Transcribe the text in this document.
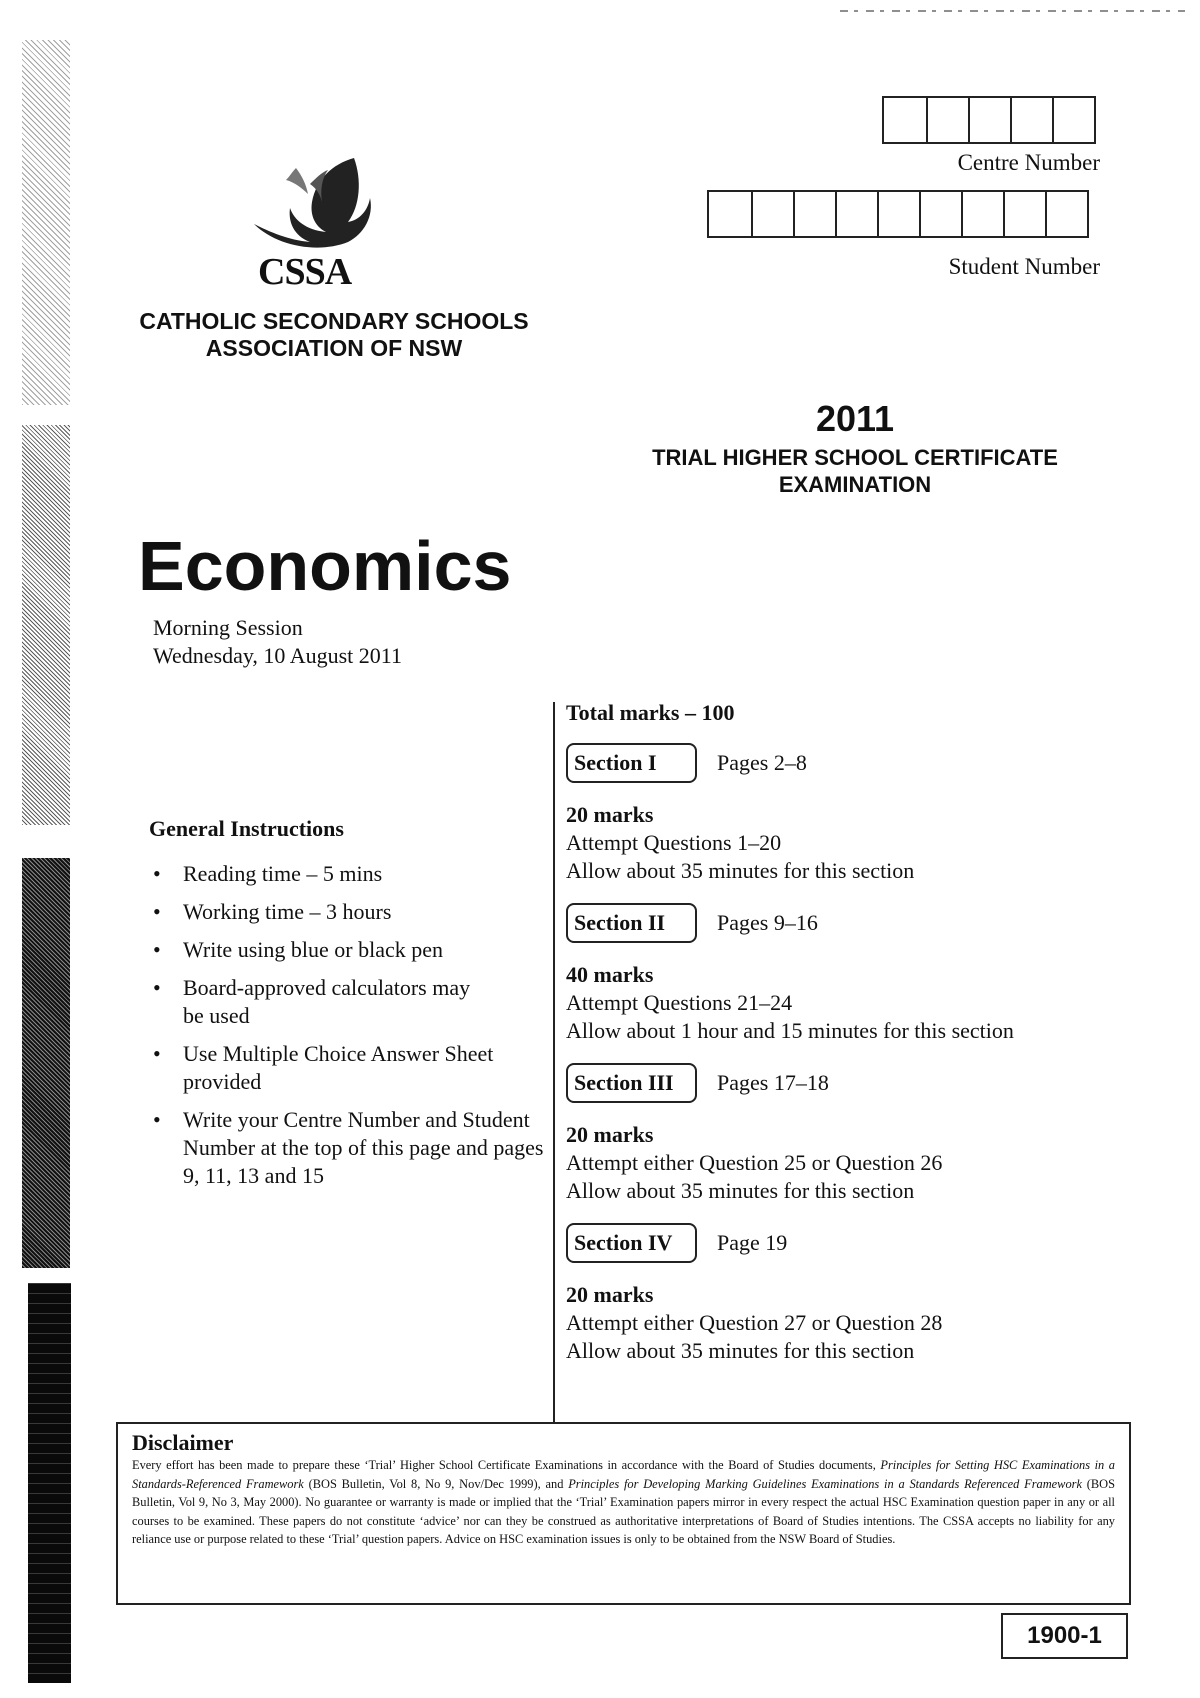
Centre Number
Student Number
CSSA
CATHOLIC SECONDARY SCHOOLS
ASSOCIATION OF NSW
2011
TRIAL HIGHER SCHOOL CERTIFICATE
EXAMINATION
Economics
Morning Session
Wednesday, 10 August 2011
General Instructions
• Reading time – 5 mins
• Working time – 3 hours
• Write using blue or black pen
• Board-approved calculators may be used
• Use Multiple Choice Answer Sheet provided
• Write your Centre Number and Student Number at the top of this page and pages 9, 11, 13 and 15
Total marks – 100
Section I	Pages 2–8
20 marks
Attempt Questions 1–20
Allow about 35 minutes for this section
Section II	Pages 9–16
40 marks
Attempt Questions 21–24
Allow about 1 hour and 15 minutes for this section
Section III	Pages 17–18
20 marks
Attempt either Question 25 or Question 26
Allow about 35 minutes for this section
Section IV	Page 19
20 marks
Attempt either Question 27 or Question 28
Allow about 35 minutes for this section
Disclaimer
Every effort has been made to prepare these ‘Trial’ Higher School Certificate Examinations in accordance with the Board of Studies documents, Principles for Setting HSC Examinations in a Standards-Referenced Framework (BOS Bulletin, Vol 8, No 9, Nov/Dec 1999), and Principles for Developing Marking Guidelines Examinations in a Standards Referenced Framework (BOS Bulletin, Vol 9, No 3, May 2000). No guarantee or warranty is made or implied that the ‘Trial’ Examination papers mirror in every respect the actual HSC Examination question paper in any or all courses to be examined. These papers do not constitute ‘advice’ nor can they be construed as authoritative interpretations of Board of Studies intentions. The CSSA accepts no liability for any reliance use or purpose related to these ‘Trial’ question papers. Advice on HSC examination issues is only to be obtained from the NSW Board of Studies.
1900-1
